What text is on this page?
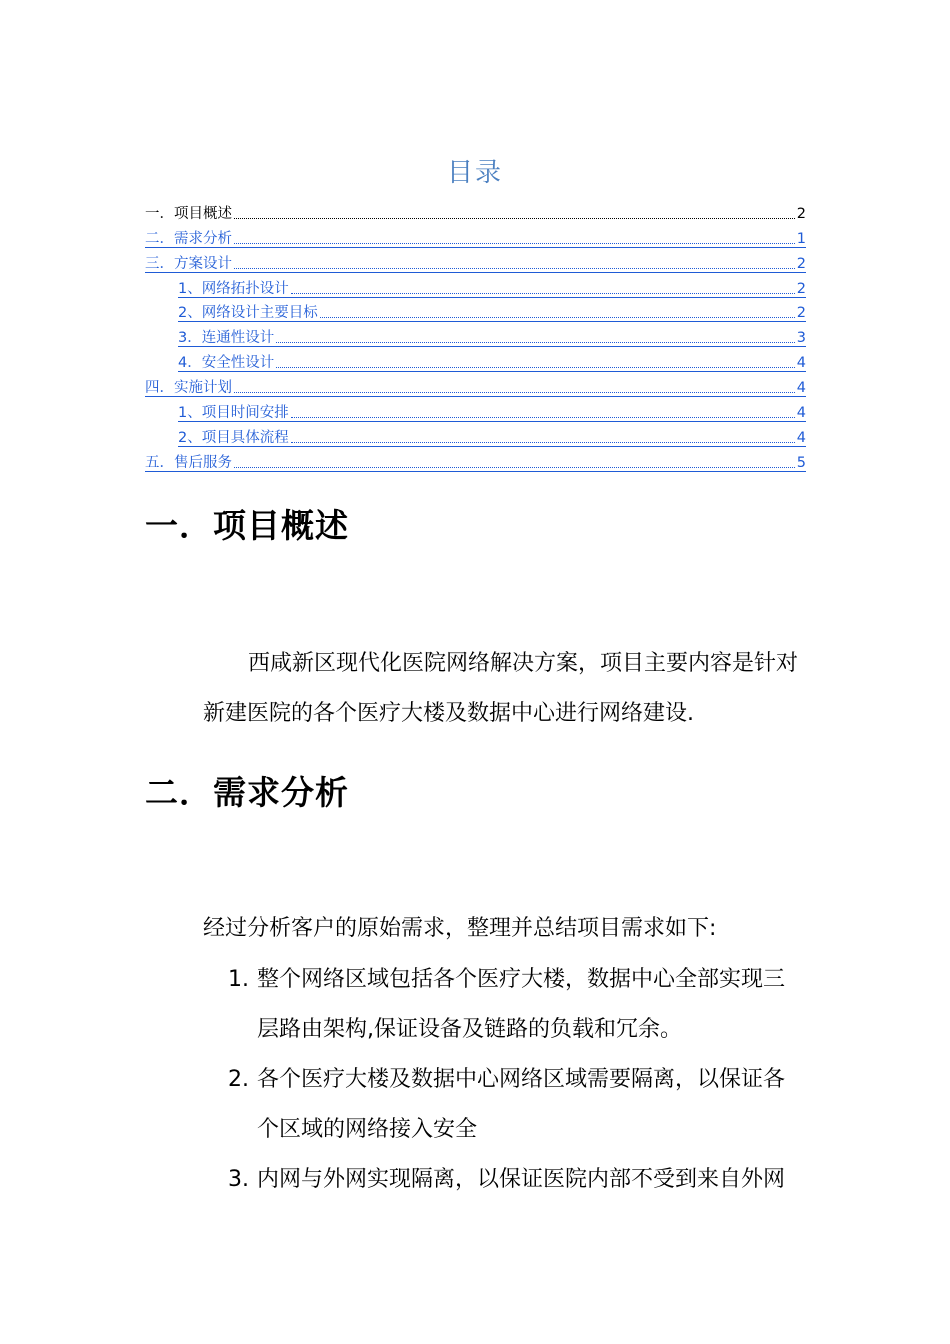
目录
一．项目概述	2
二．需求分析	1
三．方案设计	2
1、网络拓扑设计	2
2、网络设计主要目标	2
3．连通性设计	3
4．安全性设计	4
四．实施计划	4
1、项目时间安排	4
2、项目具体流程	4
五．售后服务	5
一．项目概述
西咸新区现代化医院网络解决方案，项目主要内容是针对
新建医院的各个医疗大楼及数据中心进行网络建设.
二．需求分析
经过分析客户的原始需求，整理并总结项目需求如下:
1. 整个网络区域包括各个医疗大楼，数据中心全部实现三
层路由架构,保证设备及链路的负载和冗余。
2. 各个医疗大楼及数据中心网络区域需要隔离，以保证各
个区域的网络接入安全
3. 内网与外网实现隔离，以保证医院内部不受到来自外网
